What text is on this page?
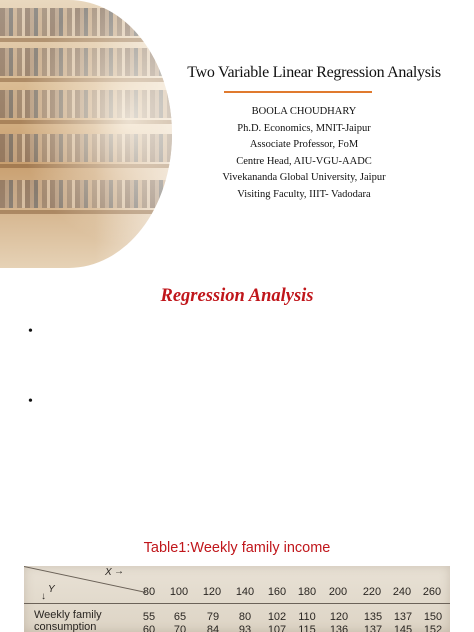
Two Variable Linear Regression Analysis
BOOLA CHOUDHARY
Ph.D. Economics, MNIT-Jaipur
Associate Professor, FoM
Centre Head, AIU-VGU-AADC
Vivekananda Global University, Jaipur
Visiting Faculty, IIIT- Vadodara
Regression Analysis
•
•
Table1:Weekly family income
X →
Y
↓	80	100	120	140	160	180	200	220	240	260
Weekly family
consumption
55	65	79	80	102	110	120	135	137	150
60	70	84	93	107	115	136	137	145	152
